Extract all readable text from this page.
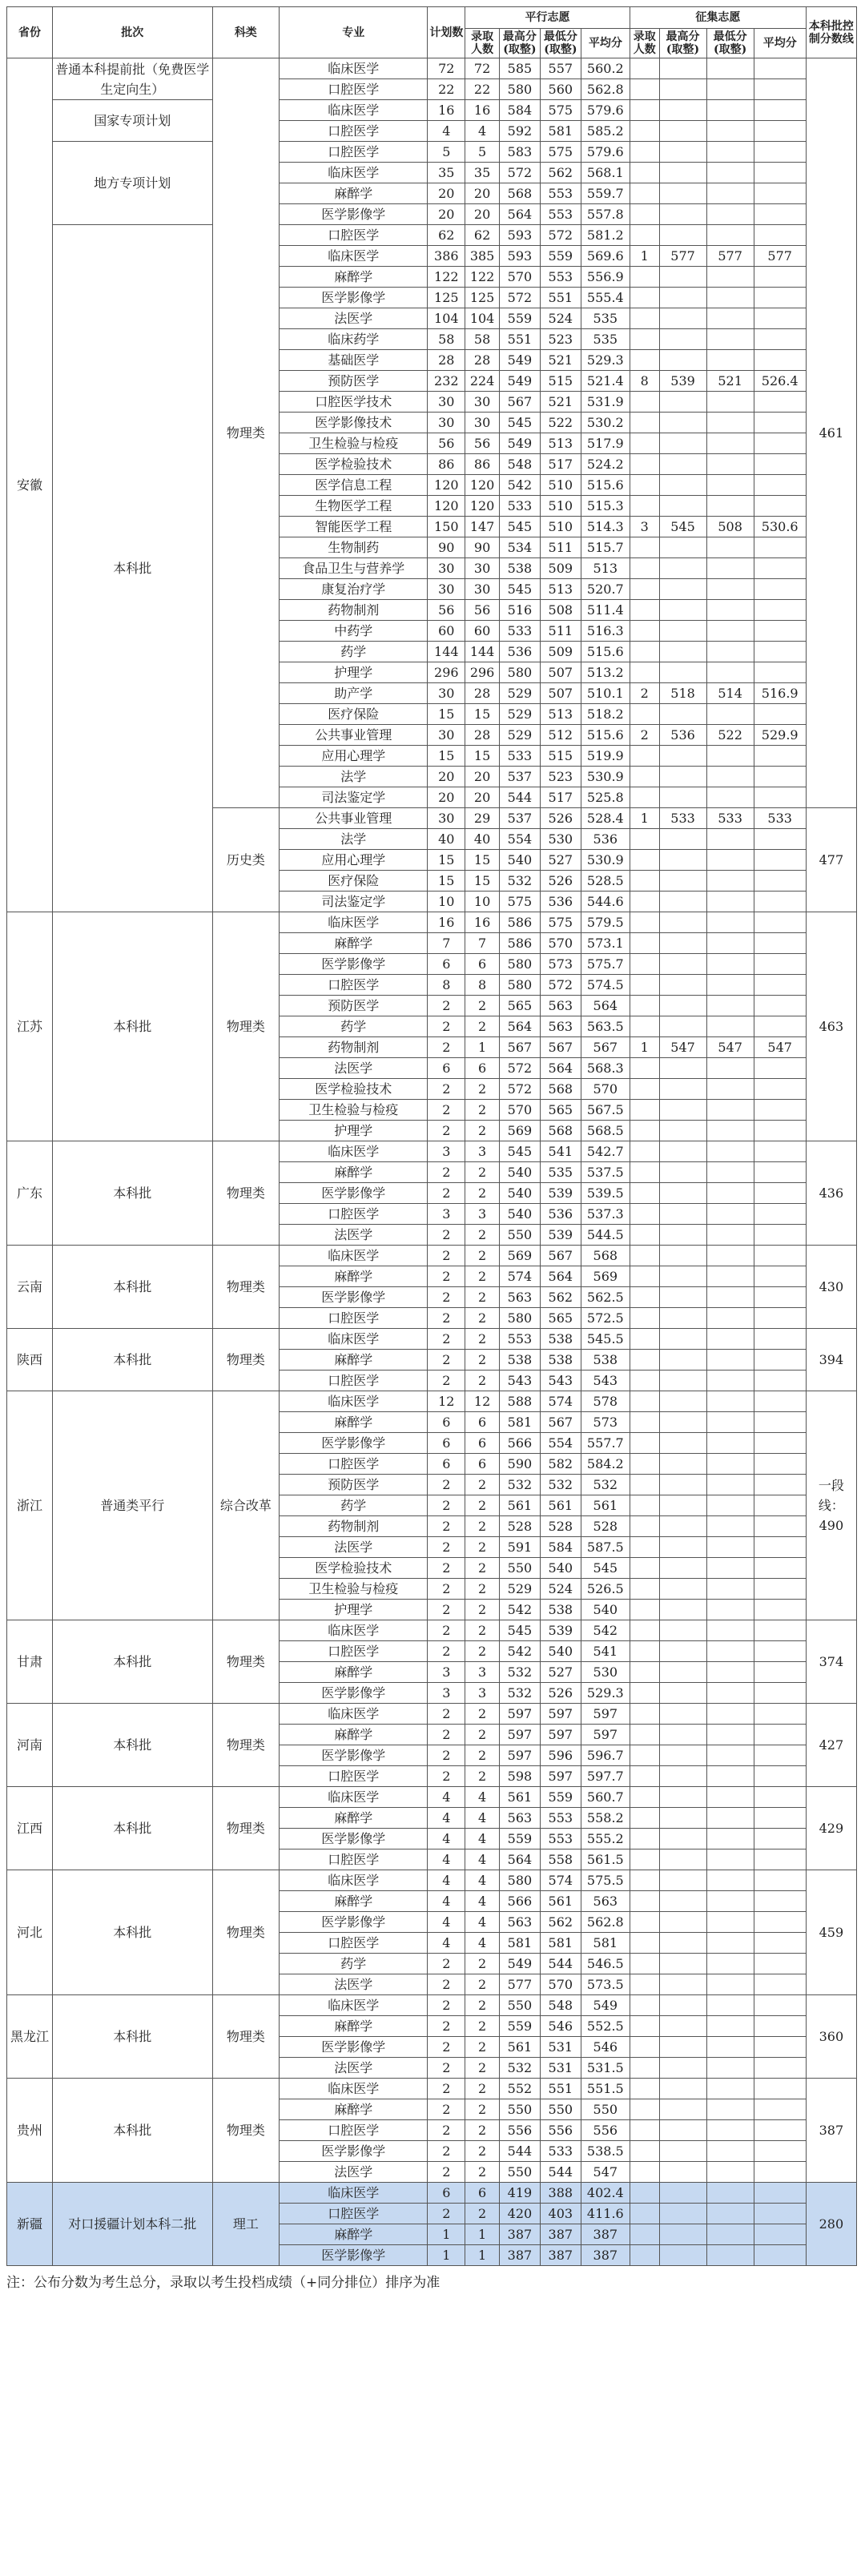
省份	批次	科类	专业	计划数	平行志愿				征集志愿				本科批控制分数线
					录取人数	最高分(取整)	最低分(取整)	平均分	录取人数	最高分(取整)	最低分(取整)	平均分	
安徽	普通本科提前批（免费医学生定向生）	物理类	临床医学	72	72	585	557	560.2					461
			口腔医学	22	22	580	560	562.8					
	国家专项计划		临床医学	16	16	584	575	579.6					
			口腔医学	4	4	592	581	585.2					
	地方专项计划		口腔医学	5	5	583	575	579.6					
			临床医学	35	35	572	562	568.1					
			麻醉学	20	20	568	553	559.7					
			医学影像学	20	20	564	553	557.8					
	本科批		口腔医学	62	62	593	572	581.2					
			临床医学	386	385	593	559	569.6	1	577	577	577	
			麻醉学	122	122	570	553	556.9					
			医学影像学	125	125	572	551	555.4					
			法医学	104	104	559	524	535					
			临床药学	58	58	551	523	535					
			基础医学	28	28	549	521	529.3					
			预防医学	232	224	549	515	521.4	8	539	521	526.4	
			口腔医学技术	30	30	567	521	531.9					
			医学影像技术	30	30	545	522	530.2					
			卫生检验与检疫	56	56	549	513	517.9					
			医学检验技术	86	86	548	517	524.2					
			医学信息工程	120	120	542	510	515.6					
			生物医学工程	120	120	533	510	515.3					
			智能医学工程	150	147	545	510	514.3	3	545	508	530.6	
			生物制药	90	90	534	511	515.7					
			食品卫生与营养学	30	30	538	509	513					
			康复治疗学	30	30	545	513	520.7					
			药物制剂	56	56	516	508	511.4					
			中药学	60	60	533	511	516.3					
			药学	144	144	536	509	515.6					
			护理学	296	296	580	507	513.2					
			助产学	30	28	529	507	510.1	2	518	514	516.9	
			医疗保险	15	15	529	513	518.2					
			公共事业管理	30	28	529	512	515.6	2	536	522	529.9	
			应用心理学	15	15	533	515	519.9					
			法学	20	20	537	523	530.9					
			司法鉴定学	20	20	544	517	525.8					
		历史类	公共事业管理	30	29	537	526	528.4	1	533	533	533	477
			法学	40	40	554	530	536					
			应用心理学	15	15	540	527	530.9					
			医疗保险	15	15	532	526	528.5					
			司法鉴定学	10	10	575	536	544.6					
江苏	本科批	物理类	临床医学	16	16	586	575	579.5					463
			麻醉学	7	7	586	570	573.1					
			医学影像学	6	6	580	573	575.7					
			口腔医学	8	8	580	572	574.5					
			预防医学	2	2	565	563	564					
			药学	2	2	564	563	563.5					
			药物制剂	2	1	567	567	567	1	547	547	547	
			法医学	6	6	572	564	568.3					
			医学检验技术	2	2	572	568	570					
			卫生检验与检疫	2	2	570	565	567.5					
			护理学	2	2	569	568	568.5					
广东	本科批	物理类	临床医学	3	3	545	541	542.7					436
			麻醉学	2	2	540	535	537.5					
			医学影像学	2	2	540	539	539.5					
			口腔医学	3	3	540	536	537.3					
			法医学	2	2	550	539	544.5					
云南	本科批	物理类	临床医学	2	2	569	567	568					430
			麻醉学	2	2	574	564	569					
			医学影像学	2	2	563	562	562.5					
			口腔医学	2	2	580	565	572.5					
陕西	本科批	物理类	临床医学	2	2	553	538	545.5					394
			麻醉学	2	2	538	538	538					
			口腔医学	2	2	543	543	543					
浙江	普通类平行	综合改革	临床医学	12	12	588	574	578					一段线：490
			麻醉学	6	6	581	567	573					
			医学影像学	6	6	566	554	557.7					
			口腔医学	6	6	590	582	584.2					
			预防医学	2	2	532	532	532					
			药学	2	2	561	561	561					
			药物制剂	2	2	528	528	528					
			法医学	2	2	591	584	587.5					
			医学检验技术	2	2	550	540	545					
			卫生检验与检疫	2	2	529	524	526.5					
			护理学	2	2	542	538	540					
甘肃	本科批	物理类	临床医学	2	2	545	539	542					374
			口腔医学	2	2	542	540	541					
			麻醉学	3	3	532	527	530					
			医学影像学	3	3	532	526	529.3					
河南	本科批	物理类	临床医学	2	2	597	597	597					427
			麻醉学	2	2	597	597	597					
			医学影像学	2	2	597	596	596.7					
			口腔医学	2	2	598	597	597.7					
江西	本科批	物理类	临床医学	4	4	561	559	560.7					429
			麻醉学	4	4	563	553	558.2					
			医学影像学	4	4	559	553	555.2					
			口腔医学	4	4	564	558	561.5					
河北	本科批	物理类	临床医学	4	4	580	574	575.5					459
			麻醉学	4	4	566	561	563					
			医学影像学	4	4	563	562	562.8					
			口腔医学	4	4	581	581	581					
			药学	2	2	549	544	546.5					
			法医学	2	2	577	570	573.5					
黑龙江	本科批	物理类	临床医学	2	2	550	548	549					360
			麻醉学	2	2	559	546	552.5					
			医学影像学	2	2	561	531	546					
			法医学	2	2	532	531	531.5					
贵州	本科批	物理类	临床医学	2	2	552	551	551.5					387
			麻醉学	2	2	550	550	550					
			口腔医学	2	2	556	556	556					
			医学影像学	2	2	544	533	538.5					
			法医学	2	2	550	544	547					
新疆	对口援疆计划本科二批	理工	临床医学	6	6	419	388	402.4					280
			口腔医学	2	2	420	403	411.6					
			麻醉学	1	1	387	387	387					
			医学影像学	1	1	387	387	387					
注：公布分数为考生总分，录取以考生投档成绩（+同分排位）排序为准
